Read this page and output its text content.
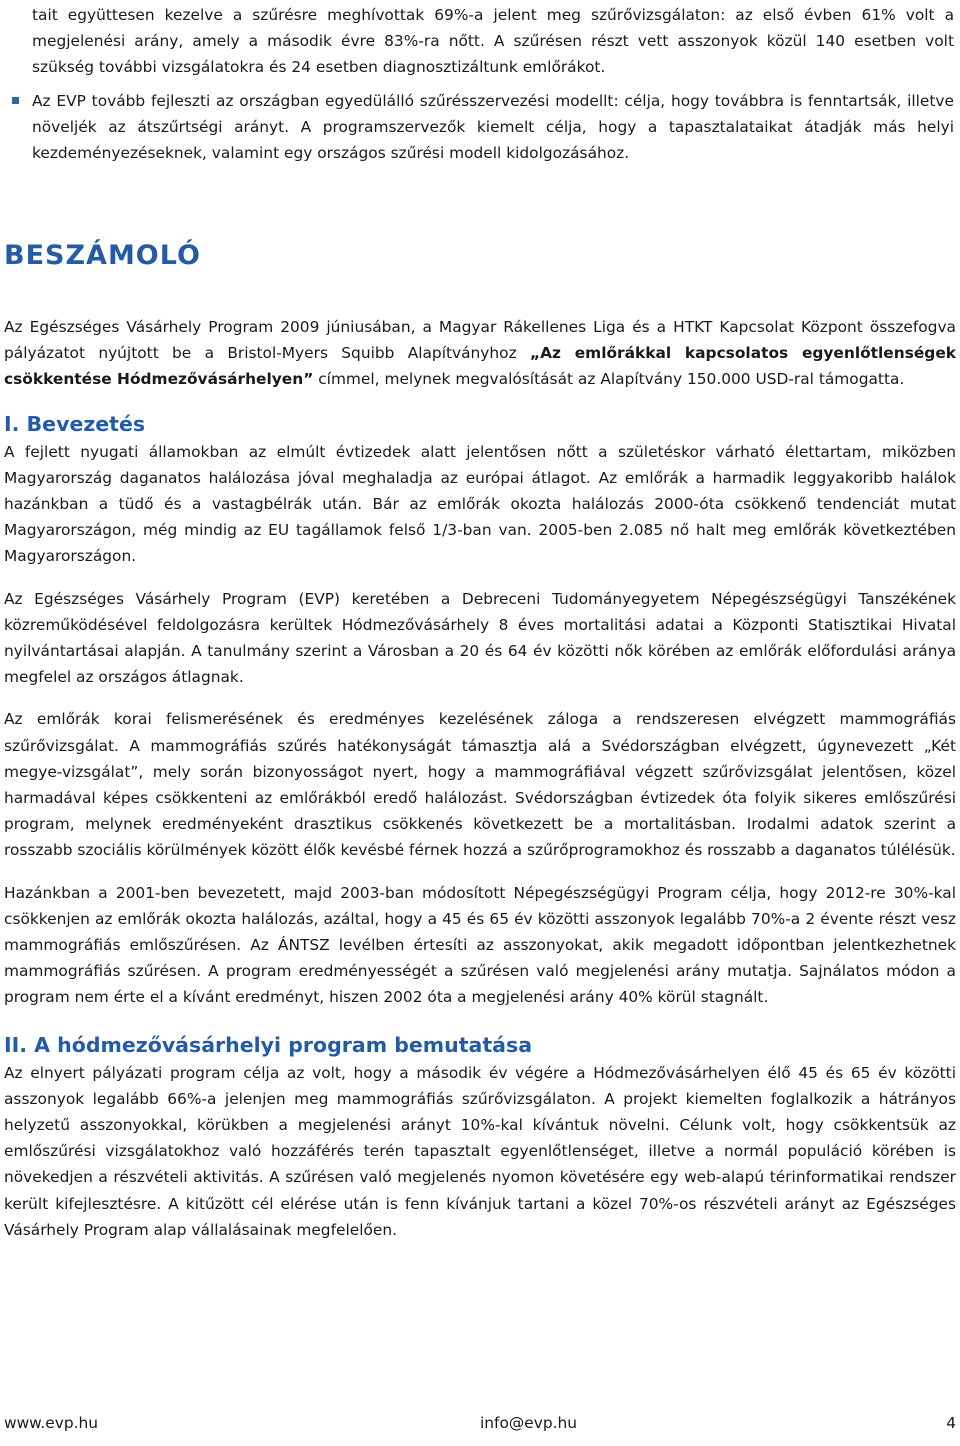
tait együttesen kezelve a szűrésre meghívottak 69%-a jelent meg szűrővizsgálaton: az első évben 61% volt a megjelenési arány, amely a második évre 83%-ra nőtt. A szűrésen részt vett asszonyok közül 140 esetben volt szükség további vizsgálatokra és 24 esetben diagnosztizáltunk emlőrákot.

Az EVP tovább fejleszti az országban egyedülálló szűrésszervezési modellt: célja, hogy továbbra is fenntartsák, illetve növeljék az átszűrtségi arányt. A programszervezők kiemelt célja, hogy a tapasztalataikat átadják más helyi kezdeményezéseknek, valamint egy országos szűrési modell kidolgozásához.

BESZÁMOLÓ

Az Egészséges Vásárhely Program 2009 júniusában, a Magyar Rákellenes Liga és a HTKT Kapcsolat Központ összefogva pályázatot nyújtott be a Bristol-Myers Squibb Alapítványhoz „Az emlőrákkal kapcsolatos egyenlőtlenségek csökkentése Hódmezővásárhelyen” címmel, melynek megvalósítását az Alapítvány 150.000 USD-ral támogatta.

I. Bevezetés

A fejlett nyugati államokban az elmúlt évtizedek alatt jelentősen nőtt a születéskor várható élettartam, miközben Magyarország daganatos halálozása jóval meghaladja az európai átlagot. Az emlőrák a harmadik leggyakoribb halálok hazánkban a tüdő és a vastagbélrák után. Bár az emlőrák okozta halálozás 2000-óta csökkenő tendenciát mutat Magyarországon, még mindig az EU tagállamok felső 1/3-ban van. 2005-ben 2.085 nő halt meg emlőrák következtében Magyarországon.

Az Egészséges Vásárhely Program (EVP) keretében a Debreceni Tudományegyetem Népegészségügyi Tanszékének közreműködésével feldolgozásra kerültek Hódmezővásárhely 8 éves mortalitási adatai a Központi Statisztikai Hivatal nyilvántartásai alapján. A tanulmány szerint a Városban a 20 és 64 év közötti nők körében az emlőrák előfordulási aránya megfelel az országos átlagnak.

Az emlőrák korai felismerésének és eredményes kezelésének záloga a rendszeresen elvégzett mammográfiás szűrővizsgálat. A mammográfiás szűrés hatékonyságát támasztja alá a Svédországban elvégzett, úgynevezett „Két megye-vizsgálat”, mely során bizonyosságot nyert, hogy a mammográfiával végzett szűrővizsgálat jelentősen, közel harmadával képes csökkenteni az emlőrákból eredő halálozást. Svédországban évtizedek óta folyik sikeres emlőszűrési program, melynek eredményeként drasztikus csökkenés következett be a mortalitásban. Irodalmi adatok szerint a rosszabb szociális körülmények között élők kevésbé férnek hozzá a szűrőprogramokhoz és rosszabb a daganatos túlélésük.

Hazánkban a 2001-ben bevezetett, majd 2003-ban módosított Népegészségügyi Program célja, hogy 2012-re 30%-kal csökkenjen az emlőrák okozta halálozás, azáltal, hogy a 45 és 65 év közötti asszonyok legalább 70%-a 2 évente részt vesz mammográfiás emlőszűrésen. Az ÁNTSZ levélben értesíti az asszonyokat, akik megadott időpontban jelentkezhetnek mammográfiás szűrésen. A program eredményességét a szűrésen való megjelenési arány mutatja. Sajnálatos módon a program nem érte el a kívánt eredményt, hiszen 2002 óta a megjelenési arány 40% körül stagnált.

II. A hódmezővásárhelyi program bemutatása

Az elnyert pályázati program célja az volt, hogy a második év végére a Hódmezővásárhelyen élő 45 és 65 év közötti asszonyok legalább 66%-a jelenjen meg mammográfiás szűrővizsgálaton. A projekt kiemelten foglalkozik a hátrányos helyzetű asszonyokkal, körükben a megjelenési arányt 10%-kal kívántuk növelni. Célunk volt, hogy csökkentsük az emlőszűrési vizsgálatokhoz való hozzáférés terén tapasztalt egyenlőtlenséget, illetve a normál populáció körében is növekedjen a részvételi aktivitás. A szűrésen való megjelenés nyomon követésére egy web-alapú térinformatikai rendszer került kifejlesztésre. A kitűzött cél elérése után is fenn kívánjuk tartani a közel 70%-os részvételi arányt az Egészséges Vásárhely Program alap vállalásainak megfelelően.

www.evp.hu	info@evp.hu	4
